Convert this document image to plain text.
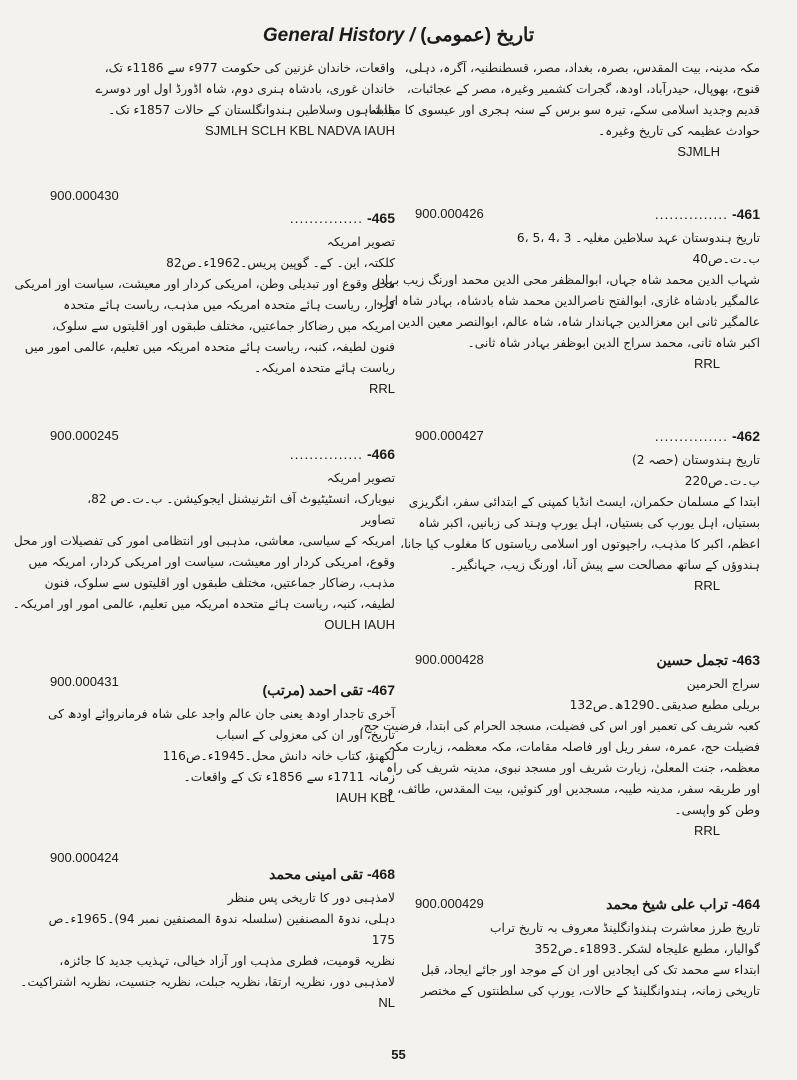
General History / تاریخ (عمومی)
مکہ مدینہ، بیت المقدس، بصرہ، بغداد، مصر، قسطنطنیہ، آگرہ، دہلی،
قنوج، بھوپال، حیدرآباد، اودھ، گجرات کشمیر وغیرہ، مصر کے عجائبات،
قدیم وجدید اسلامی سکے، تیرہ سو برس کے سنہ ہجری اور عیسوی کا مقابلہ
حوادث عظیمہ کی تاریخ وغیرہ۔
SJMLH
900.000426	461- ...............
تاریخ ہندوستان عہد سلاطین مغلیہ۔ 3 ،4 ،5 ،6
ب۔ت۔ص40
شہاب الدین محمد شاہ جہاں، ابوالمظفر محی الدین محمد اورنگ زیب بہادر
عالمگیر بادشاہ غازی، ابوالفتح ناصرالدین محمد شاہ بادشاہ، بہادر شاہ اول،
عالمگیر ثانی ابن معزالدین جہاندار شاہ، شاہ عالم، ابوالنصر معین الدین
اکبر شاہ ثانی، محمد سراج الدین ابوظفر بہادر شاہ ثانی۔
RRL
900.000427	462- ...............
تاریخ ہندوستان (حصہ 2)
ب۔ت۔ص220
ابتدا کے مسلمان حکمران، ایسٹ انڈیا کمپنی کے ابتدائی سفر، انگریزی
بستیاں، اہل یورپ کی بستیاں، اہل یورپ وہند کی زبانیں، اکبر شاہ
اعظم، اکبر کا مذہب، راجپوتوں اور اسلامی ریاستوں کا مغلوب کیا جانا،
ہندوؤں کے ساتھ مصالحت سے پیش آنا، اورنگ زیب، جہانگیر۔
RRL
900.000428	463- تجمل حسین
سراج الحرمین
بریلی مطبع صدیقی۔1290ھ۔ص132
کعبہ شریف کی تعمیر اور اس کی فضیلت، مسجد الحرام کی ابتدا، فرضیت حج،
فضیلت حج، عمرہ، سفر ریل اور فاصلہ مقامات، مکہ معظمہ، زیارت مکہ
معظمہ، جنت المعلیٰ، زیارت شریف اور مسجد نبوی، مدینہ شریف کی راہ
اور طریقہ سفر، مدینہ طیبہ، مسجدیں اور کنوئیں، بیت المقدس، طائف، و
وطن کو واپسی۔
RRL
900.000429	464- تراب علی شیخ محمد
تاریخ طرز معاشرت ہندوانگلینڈ معروف بہ تاریخ تراب
گوالیار، مطبع علیجاہ لشکر۔1893ء۔ص352
ابتداء سے محمد تک کی ایجادیں اور ان کے موجد اور جائے ایجاد، قبل
تاریخی زمانہ، ہندوانگلینڈ کے حالات، یورپ کی سلطنتوں کے مختصر
واقعات، خاندان غزنین کی حکومت 977ء سے 1186ء تک،
خاندان غوری، بادشاہ ہنری دوم، شاہ اڈورڈ اول اور دوسرے
بادشاہوں وسلاطین ہندوانگلستان کے حالات 1857ء تک۔
SJMLH SCLH KBL NADVA IAUH
900.000430
465- ...............
تصویر امریکہ
کلکتہ، این۔ کے۔ گوپین پریس۔1962ء۔ص82
محل وقوع اور تبدیلی وطن، امریکی کردار اور معیشت، سیاست اور امریکی
کردار، ریاست ہائے متحدہ امریکہ میں مذہب، ریاست ہائے متحدہ
امریکہ میں رضاکار جماعتیں، مختلف طبقوں اور اقلیتوں سے سلوک،
فنون لطیفہ، کنبہ، ریاست ہائے متحدہ امریکہ میں تعلیم، عالمی امور میں
ریاست ہائے متحدہ امریکہ۔
RRL
900.000245
466- ...............
تصویر امریکہ
نیویارک، انسٹیٹیوٹ آف انٹرنیشنل ایجوکیشن۔ ب۔ت۔ص 82،
تصاویر
امریکہ کے سیاسی، معاشی، مذہبی اور انتظامی امور کی تفصیلات اور محل
وقوع، امریکی کردار اور معیشت، سیاست اور امریکی کردار، امریکہ میں
مذہب، رضاکار جماعتیں، مختلف طبقوں اور اقلیتوں سے سلوک، فنون
لطیفہ، کنبہ، ریاست ہائے متحدہ امریکہ میں تعلیم، عالمی امور اور امریکہ۔
OULH IAUH
900.000431
467- تقی احمد (مرتب)
آخری تاجدار اودھ یعنی جان عالم واجد علی شاہ فرمانروائے اودھ کی
تاریخ، اور ان کی معزولی کے اسباب
لکھنؤ، کتاب خانہ دانش محل۔1945ء۔ص116
زمانہ 1711ء سے 1856ء تک کے واقعات۔
IAUH KBL
900.000424
468- تقی امینی محمد
لامذہبی دور کا تاریخی پس منظر
دہلی، ندوۃ المصنفین (سلسلہ ندوۃ المصنفین نمبر 94)۔1965ء۔ص
175
نظریہ قومیت، فطری مذہب اور آزاد خیالی، تہذیب جدید کا جائزہ،
لامذہبی دور، نظریہ ارتقا، نظریہ جبلت، نظریہ جنسیت، نظریہ اشتراکیت۔
NL
55
